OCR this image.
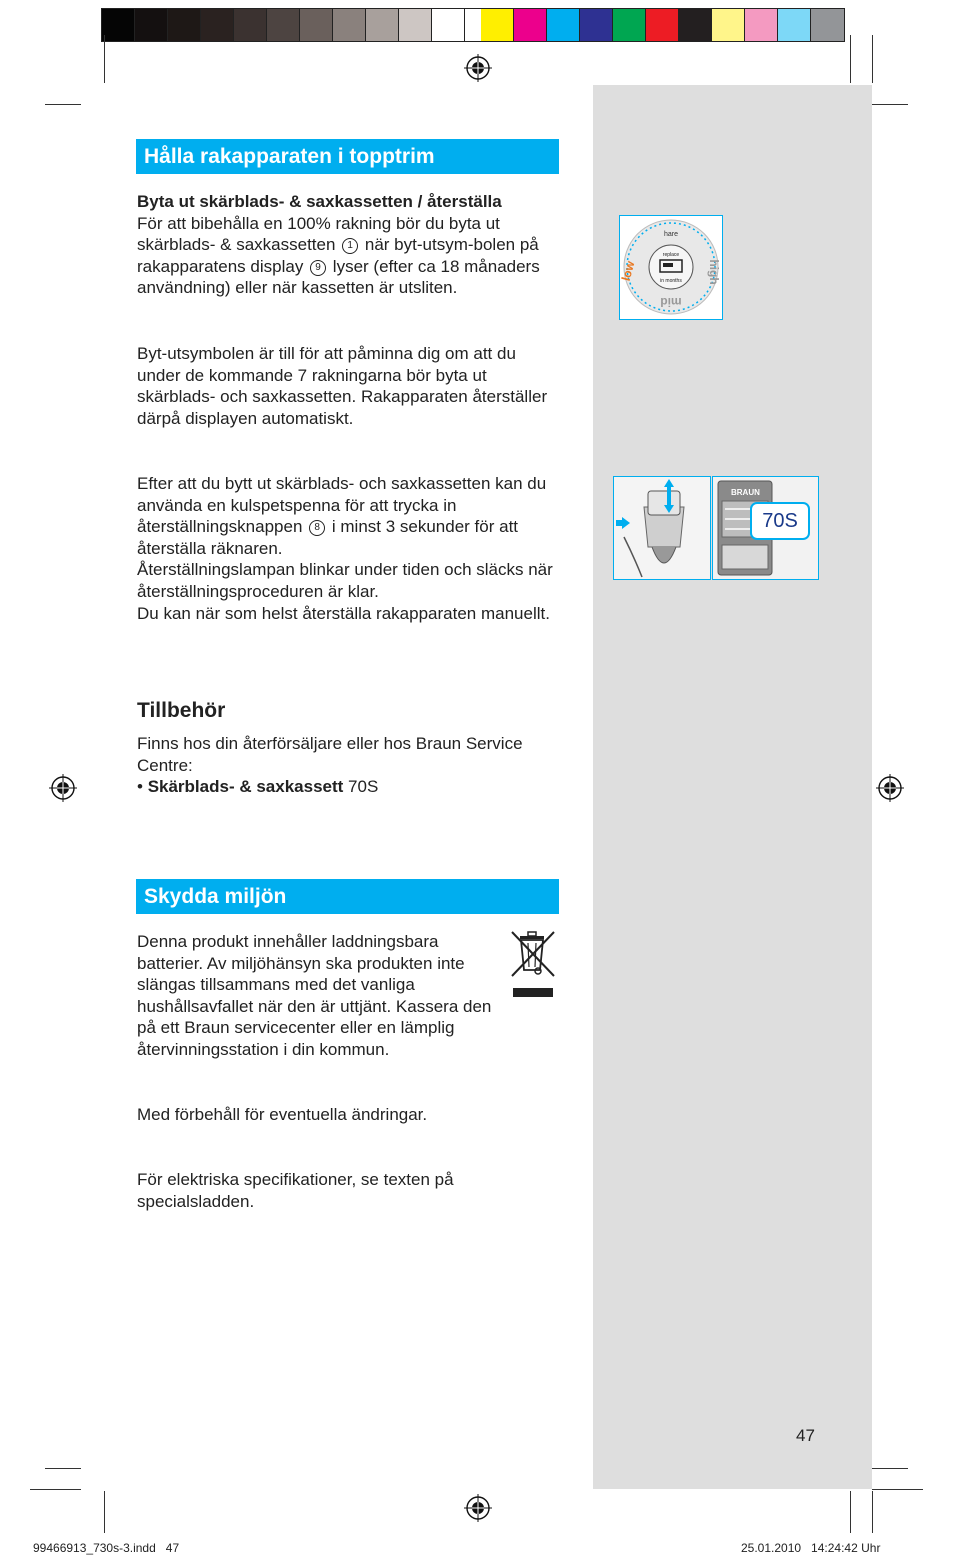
Hålla rakapparaten i topptrim

Byta ut skärblads- & saxkassetten / återställa

För att bibehålla en 100% rakning bör du byta ut skärblads- & saxkassetten 1 när byt-utsym-bolen på rakapparatens display 9 lyser (efter ca 18 månaders användning) eller när kassetten är utsliten.

Byt-utsymbolen är till för att påminna dig om att du under de kommande 7 rakningarna bör byta ut skärblads- och saxkassetten. Rakapparaten återställer därpå displayen automatiskt.

Efter att du bytt ut skärblads- och saxkassetten kan du använda en kulspetspenna för att trycka in återställningsknappen 8 i minst 3 sekunder för att återställa räknaren.

Återställningslampan blinkar under tiden och släcks när återställningsproceduren är klar.

Du kan när som helst återställa rakapparaten manuellt.

Tillbehör

Finns hos din återförsäljare eller hos Braun Service Centre:

• Skärblads- & saxkassett 70S

Skydda miljön
Denna produkt innehåller laddningsbara batterier. Av miljöhänsyn ska produkten inte slängas tillsammans med det vanliga hushållsavfallet när den är uttjänt. Kassera den på ett Braun servicecenter eller en lämplig återvinningsstation i din kommun.
Med förbehåll för eventuella ändringar.
För elektriska specifikationer, se texten på specialsladden.
hare
low	high
mid
replace
in months
BRAUN
70S
47
99466913_730s-3.indd   47	25.01.2010   14:24:42 Uhr
